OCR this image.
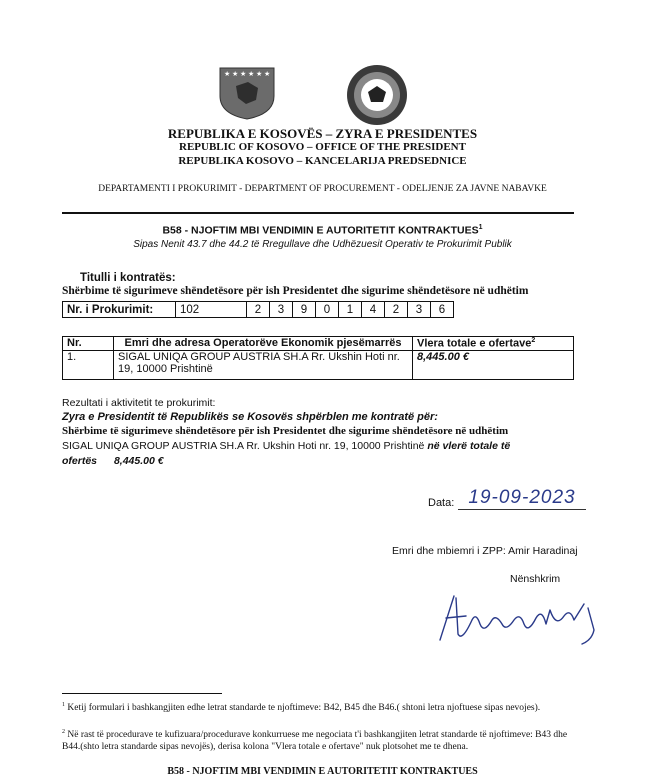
★ ★ ★ ★ ★ ★
REPUBLIKA E KOSOVËS – ZYRA E PRESIDENTES
REPUBLIC OF KOSOVO – OFFICE OF THE PRESIDENT
REPUBLIKA KOSOVO – KANCELARIJA PREDSEDNICE
DEPARTAMENTI I PROKURIMIT - DEPARTMENT OF PROCUREMENT - ODELJENJE ZA JAVNE NABAVKE
B58 - NJOFTIM MBI VENDIMIN E AUTORITETIT KONTRAKTUES$^1$
Sipas Nenit 43.7 dhe 44.2 të Rregullave dhe Udhëzuesit Operativ te Prokurimit Publik
Titulli i kontratës:
Shërbime të sigurimeve shëndetësore për ish Presidentet dhe sigurime shëndetësore në udhëtim
Nr. i Prokurimit:	102	2	3	9	0	1	4	2	3	6
Nr.	Emri dhe adresa Operatorëve Ekonomik pjesëmarrës	Vlera totale e ofertave$^2$
1.	SIGAL UNIQA GROUP AUSTRIA SH.A Rr. Ukshin Hoti nr. 19, 10000 Prishtinë	8,445.00 €
Rezultati i aktivitetit te prokurimit:
Zyra e Presidentit të Republikës se Kosovës shpërblen me kontratë për:
Shërbime të sigurimeve shëndetësore për ish Presidentet dhe sigurime shëndetësore në udhëtim
SIGAL UNIQA GROUP AUSTRIA SH.A Rr. Ukshin Hoti nr. 19, 10000 Prishtinë në vlerë totale të
ofertës 8,445.00 €
Data: 19-09-2023
Emri dhe mbiemri i ZPP: Amir Haradinaj
Nënshkrim
$^1$ Ketij formulari i bashkangjiten edhe letrat standarde te njoftimeve: B42, B45 dhe B46.( shtoni letra njoftuese sipas nevojes).
$^2$ Në rast të procedurave te kufizuara/procedurave konkurruese me negociata t'i bashkangjiten letrat standarde të njoftimeve: B43 dhe B44.(shto letra standarde sipas nevojës), derisa kolona "Vlera totale e ofertave" nuk plotsohet me te dhena.
B58 - NJOFTIM MBI VENDIMIN E AUTORITETIT KONTRAKTUES
